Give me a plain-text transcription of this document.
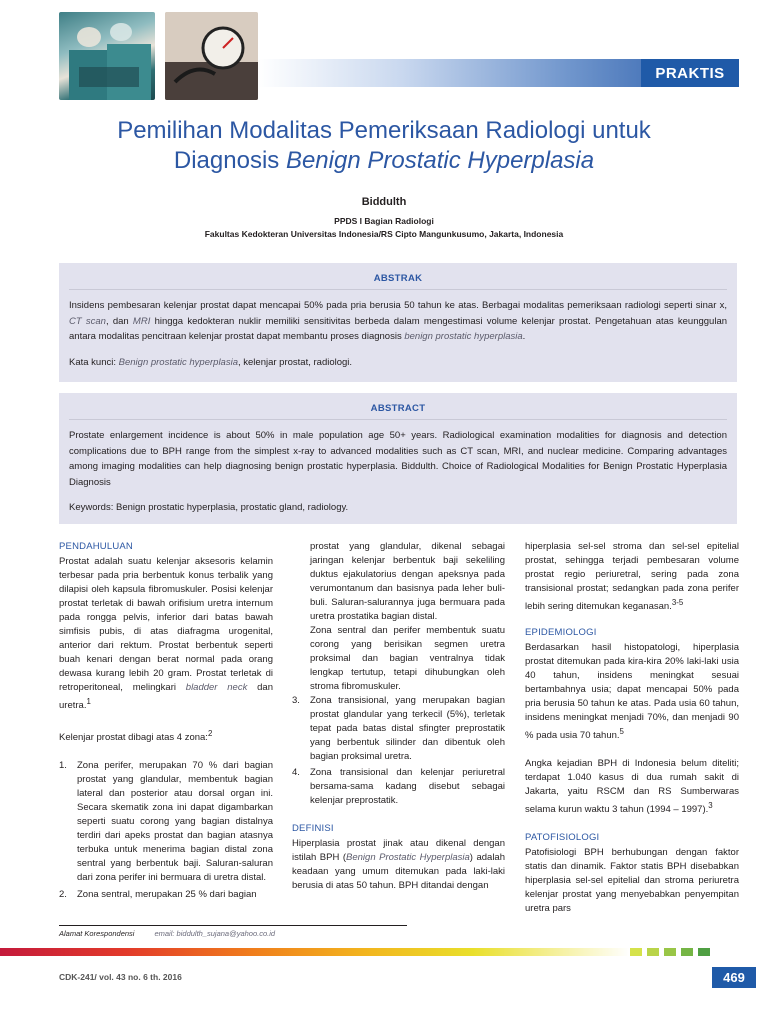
PRAKTIS
Pemilihan Modalitas Pemeriksaan Radiologi untuk
Diagnosis Benign Prostatic Hyperplasia
Biddulth
PPDS I Bagian Radiologi
Fakultas Kedokteran Universitas Indonesia/RS Cipto Mangunkusumo, Jakarta, Indonesia
ABSTRAK

Insidens pembesaran kelenjar prostat dapat mencapai 50% pada pria berusia 50 tahun ke atas. Berbagai modalitas pemeriksaan radiologi seperti sinar x, CT scan, dan MRI hingga kedokteran nuklir memiliki sensitivitas berbeda dalam mengestimasi volume kelenjar prostat. Pengetahuan atas keunggulan antara modalitas pencitraan kelenjar prostat dapat membantu proses diagnosis benign prostatic hyperplasia.

Kata kunci: Benign prostatic hyperplasia, kelenjar prostat, radiologi.

ABSTRACT

Prostate enlargement incidence is about 50% in male population age 50+ years. Radiological examination modalities for diagnosis and detection complications due to BPH range from the simplest x-ray to advanced modalities such as CT scan, MRI, and nuclear medicine. Comparing advantages among imaging modalities can help diagnosing benign prostatic hyperplasia. Biddulth. Choice of Radiological Modalities for Benign Prostatic Hyperplasia Diagnosis

Keywords: Benign prostatic hyperplasia, prostatic gland, radiology.

PENDAHULUAN

Prostat adalah suatu kelenjar aksesoris kelamin terbesar pada pria berbentuk konus terbalik yang dilapisi oleh kapsula fibromuskuler. Posisi kelenjar prostat terletak di bawah orifisium uretra internum pada rongga pelvis, inferior dari batas bawah simfisis pubis, di atas diafragma urogenital, anterior dari rektum. Prostat berbentuk seperti buah kenari dengan berat normal pada orang dewasa kurang lebih 20 gram. Prostat terletak di retroperitoneal, melingkari bladder neck dan uretra.$^1$

Kelenjar prostat dibagi atas 4 zona:$^2$

1. Zona perifer, merupakan 70 % dari bagian prostat yang glandular, membentuk bagian lateral dan posterior atau dorsal organ ini. Secara skematik zona ini dapat digambarkan seperti suatu corong yang bagian distalnya terdiri dari apeks prostat dan bagian atasnya terbuka untuk menerima bagian distal zona sentral yang berbentuk baji. Saluran-saluran dari zona perifer ini bermuara di uretra distal.
2. Zona sentral, merupakan 25 % dari bagian

prostat yang glandular, dikenal sebagai jaringan kelenjar berbentuk baji sekeliling duktus ejakulatorius dengan apeksnya pada verumontanum dan basisnya pada leher buli-buli. Saluran-salurannya juga bermuara pada uretra prostatika bagian distal.

Zona sentral dan perifer membentuk suatu corong yang berisikan segmen uretra proksimal dan bagian ventralnya tidak lengkap tertutup, tetapi dihubungkan oleh stroma fibromuskuler.

3. Zona transisional, yang merupakan bagian prostat glandular yang terkecil (5%), terletak tepat pada batas distal sfingter preprostatik yang berbentuk silinder dan dibentuk oleh bagian proksimal uretra.
4. Zona transisional dan kelenjar periuretral bersama-sama kadang disebut sebagai kelenjar preprostatik.
DEFINISI

Hiperplasia prostat jinak atau dikenal dengan istilah BPH (Benign Prostatic Hyperplasia) adalah keadaan yang umum ditemukan pada laki-laki berusia di atas 50 tahun. BPH ditandai dengan

hiperplasia sel-sel stroma dan sel-sel epitelial prostat, sehingga terjadi pembesaran volume prostat regio periuretral, sering pada zona transisional prostat; sedangkan pada zona perifer lebih sering ditemukan keganasan.$^{3-5}$

EPIDEMIOLOGI

Berdasarkan hasil histopatologi, hiperplasia prostat ditemukan pada kira-kira 20% laki-laki usia 40 tahun, insidens meningkat sesuai bertambahnya usia; dapat mencapai 50% pada pria berusia 50 tahun ke atas. Pada usia 60 tahun, insidens meningkat menjadi 70%, dan menjadi 90 % pada usia 70 tahun.$^5$

Angka kejadian BPH di Indonesia belum diteliti; terdapat 1.040 kasus di dua rumah sakit di Jakarta, yaitu RSCM dan RS Sumberwaras selama kurun waktu 3 tahun (1994 – 1997).$^3$

PATOFISIOLOGI

Patofisiologi BPH berhubungan dengan faktor statis dan dinamik. Faktor statis BPH disebabkan hiperplasia sel-sel epitelial dan stroma periuretra kelenjar prostat yang menyebabkan penyempitan uretra pars

Alamat Korespondensi	email: biddulth_sujana@yahoo.co.id
CDK-241/ vol. 43 no. 6 th. 2016	469
